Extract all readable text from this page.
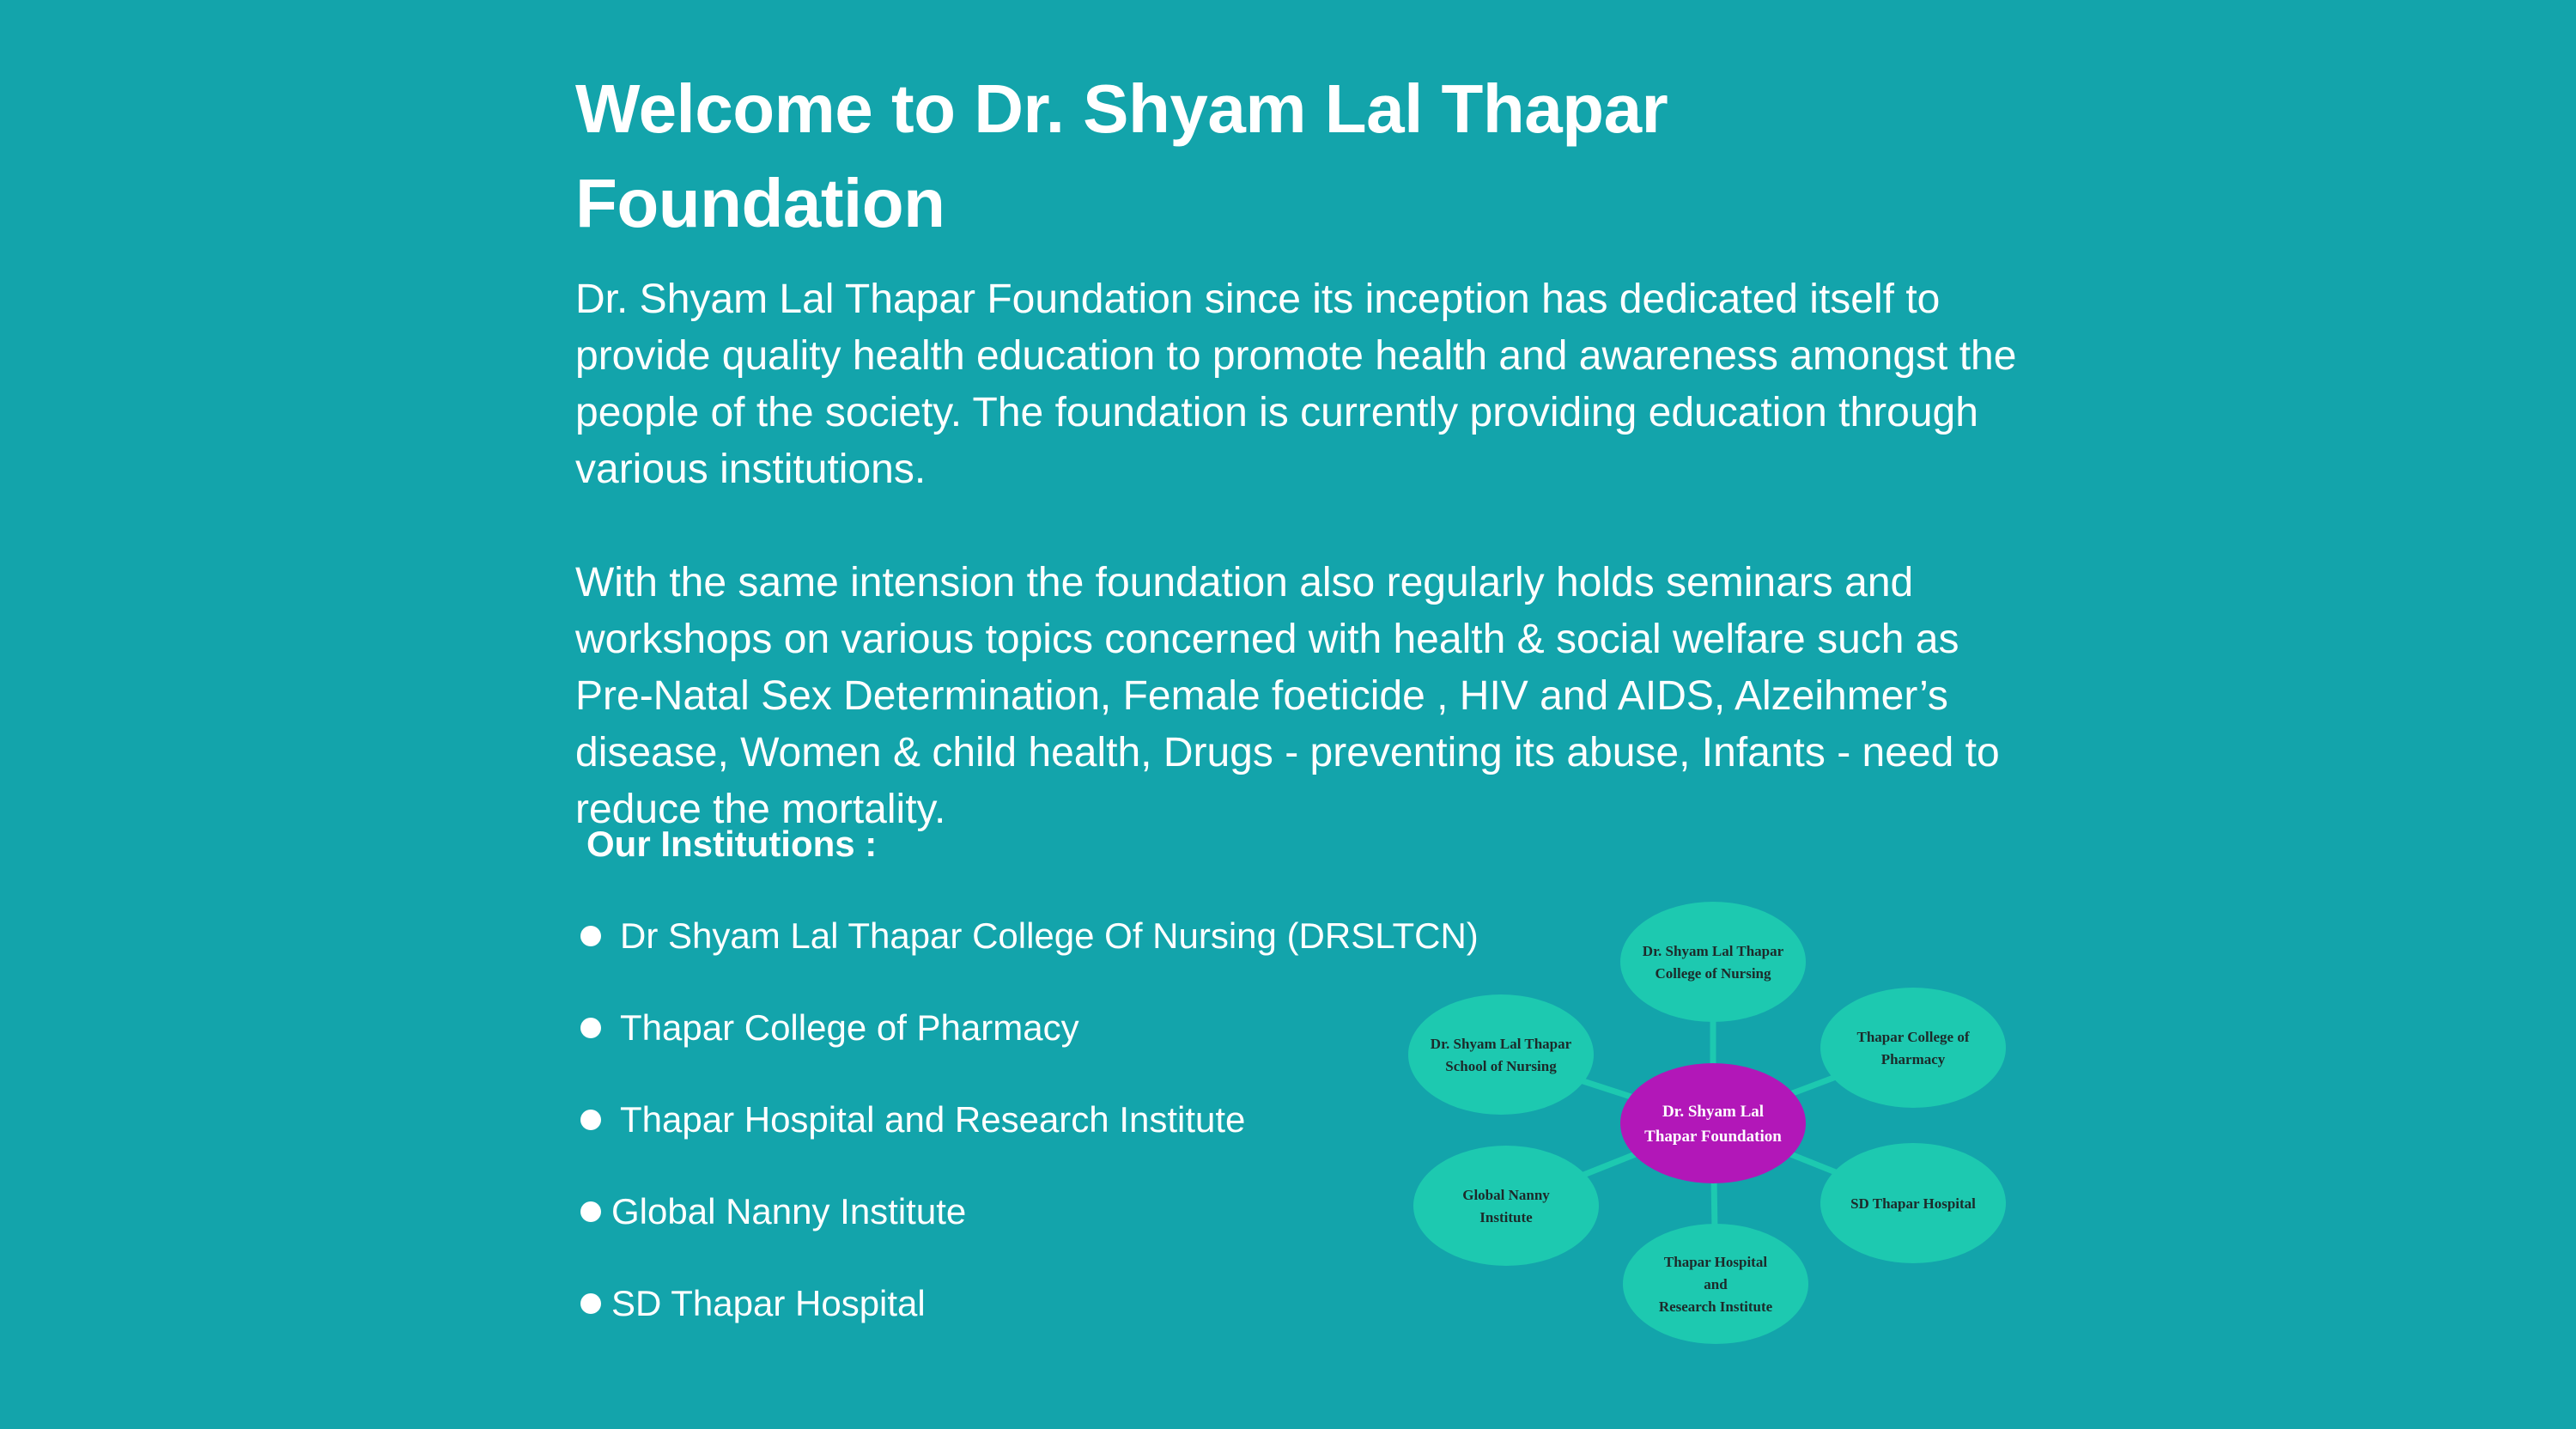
Welcome to Dr. Shyam Lal Thapar Foundation

Dr. Shyam Lal Thapar Foundation since its inception has dedicated itself to provide quality health education to promote health and awareness amongst the people of the society. The foundation is currently providing education through various institutions.

With the same intension the foundation also regularly holds seminars and workshops on various topics concerned with health & social welfare such as Pre-Natal Sex Determination, Female foeticide , HIV and AIDS, Alzeihmer’s disease, Women & child health, Drugs - preventing its abuse, Infants - need to reduce the mortality.

Our Institutions :
Dr Shyam Lal Thapar College Of Nursing (DRSLTCN)
Thapar College of Pharmacy
Thapar Hospital and Research Institute
Global Nanny Institute
SD Thapar Hospital
Dr. Shyam Lal Thapar
College of Nursing
Thapar College of
Pharmacy
SD Thapar Hospital
Thapar Hospital
and
Research Institute
Global Nanny
Institute
Dr. Shyam Lal Thapar
School of Nursing
Dr. Shyam Lal
Thapar Foundation
